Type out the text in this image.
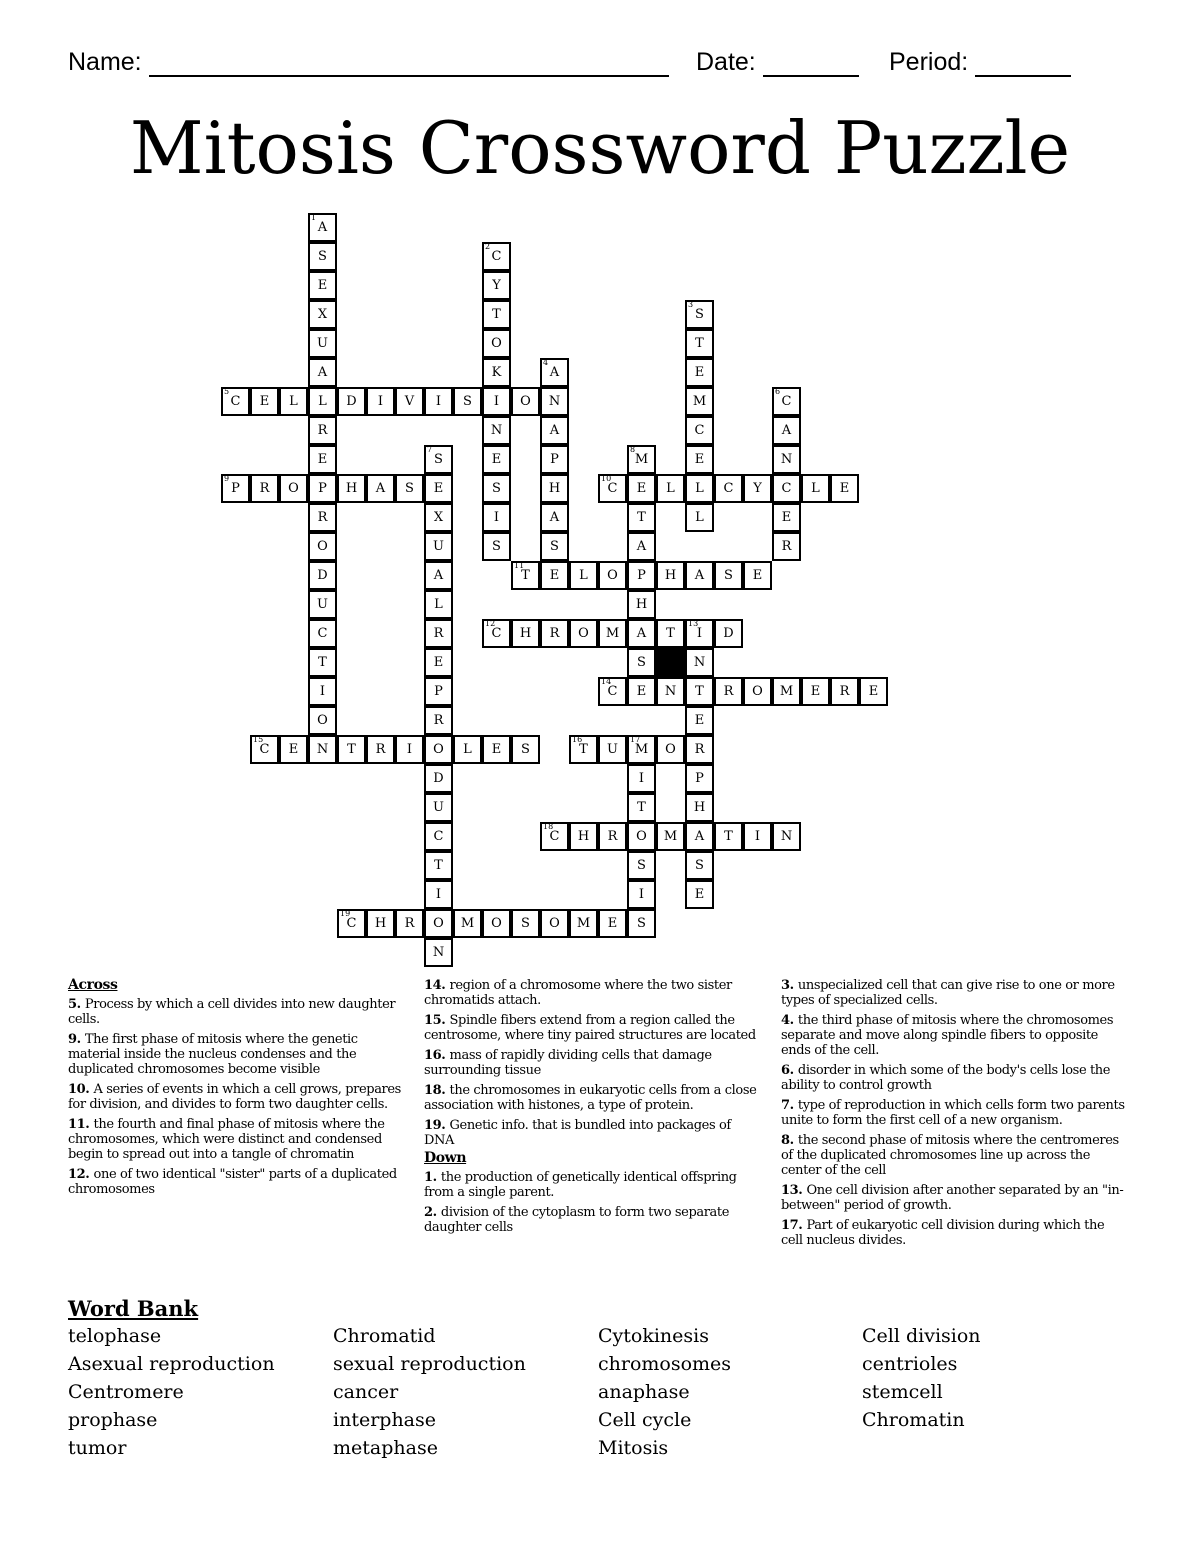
Name:	Date:	Period:
Mitosis Crossword Puzzle
1
A
S
E
X
U
A
L
R
E
P
R
O
D
U
C
T
I
O
N
2
C
Y
T
O
K
I
N
E
S
I
S
3
S
T
E
M
C
E
L
L
4
A
N
A
P
H
A
S
E
5
C E L	D I V I S	O
6
C
A
N
C
E
R
7
S
E
X
U
A
L
R
E
P
R
O
D
U
C
T
I
O
N
8
M
E
T
A
P
H
A
S
E
9
P R O	H A S
10
C	L	C Y	L E
11
T	L O	H A S E
12
C H R O M	T
13
I D
N
T
E
R
P
H
A
S
E
14
C	N	R O M E R E
15
C E	T R I	L E S
16
T U
17
M O
I
T
O
S
I
S
18
C H R	M	T I N
19
C H R	M O S O M E
Across
5. Process by which a cell divides into new daughter cells.
9. The first phase of mitosis where the genetic material inside the nucleus condenses and the duplicated chromosomes become visible
10. A series of events in which a cell grows, prepares for division, and divides to form two daughter cells.
11. the fourth and final phase of mitosis where the chromosomes, which were distinct and condensed begin to spread out into a tangle of chromatin
12. one of two identical "sister" parts of a duplicated chromosomes
14. region of a chromosome where the two sister chromatids attach.
15. Spindle fibers extend from a region called the centrosome, where tiny paired structures are located
16. mass of rapidly dividing cells that damage surrounding tissue
18. the chromosomes in eukaryotic cells from a close association with histones, a type of protein.
19. Genetic info. that is bundled into packages of DNA
Down
1. the production of genetically identical offspring from a single parent.
2. division of the cytoplasm to form two separate daughter cells
3. unspecialized cell that can give rise to one or more types of specialized cells.
4. the third phase of mitosis where the chromosomes separate and move along spindle fibers to opposite ends of the cell.
6. disorder in which some of the body's cells lose the ability to control growth
7. type of reproduction in which cells form two parents unite to form the first cell of a new organism.
8. the second phase of mitosis where the centromeres of the duplicated chromosomes line up across the center of the cell
13. One cell division after another separated by an "in-between" period of growth.
17. Part of eukaryotic cell division during which the cell nucleus divides.
Word Bank
telophase
Asexual reproduction
Centromere
prophase
tumor
Chromatid
sexual reproduction
cancer
interphase
metaphase
Cytokinesis
chromosomes
anaphase
Cell cycle
Mitosis
Cell division
centrioles
stemcell
Chromatin
